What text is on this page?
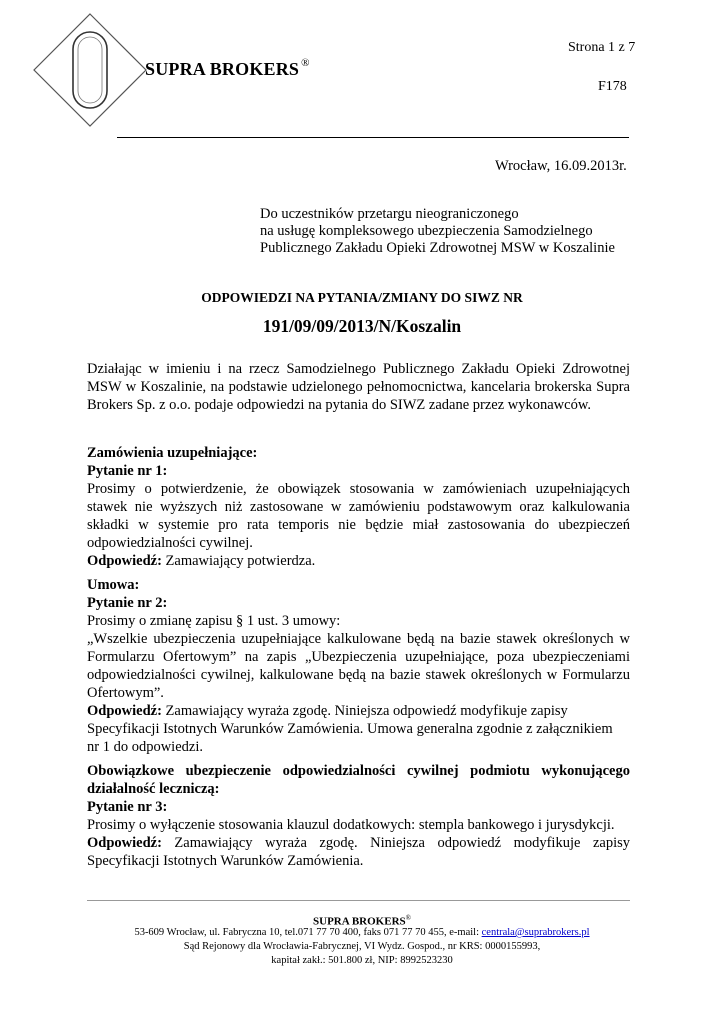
SUPRA BROKERS ®
Strona 1 z 7
F178
Wrocław, 16.09.2013r.
Do uczestników przetargu nieograniczonego
na usługę kompleksowego ubezpieczenia Samodzielnego
Publicznego Zakładu Opieki Zdrowotnej MSW w Koszalinie
ODPOWIEDZI NA PYTANIA/ZMIANY DO SIWZ NR
191/09/09/2013/N/Koszalin
Działając w imieniu i na rzecz Samodzielnego Publicznego Zakładu Opieki Zdrowotnej
MSW w Koszalinie, na podstawie udzielonego pełnomocnictwa, kancelaria brokerska Supra
Brokers Sp. z o.o. podaje odpowiedzi na pytania do SIWZ zadane przez wykonawców.
Zamówienia uzupełniające:
Pytanie nr 1:
Prosimy o potwierdzenie, że obowiązek stosowania w zamówieniach uzupełniających
stawek nie wyższych niż zastosowane w zamówieniu podstawowym oraz kalkulowania
składki w systemie pro rata temporis nie będzie miał zastosowania do ubezpieczeń
odpowiedzialności cywilnej.
Odpowiedź: Zamawiający potwierdza.
Umowa:
Pytanie nr 2:
Prosimy o zmianę zapisu § 1 ust. 3 umowy:
„Wszelkie ubezpieczenia uzupełniające kalkulowane będą na bazie stawek określonych w
Formularzu Ofertowym” na zapis „Ubezpieczenia uzupełniające, poza ubezpieczeniami
odpowiedzialności cywilnej, kalkulowane będą na bazie stawek określonych w Formularzu
Ofertowym”.
Odpowiedź: Zamawiający wyraża zgodę. Niniejsza odpowiedź modyfikuje zapisy
Specyfikacji Istotnych Warunków Zamówienia. Umowa generalna zgodnie z załącznikiem
nr 1 do odpowiedzi.
Obowiązkowe ubezpieczenie odpowiedzialności cywilnej podmiotu wykonującego
działalność leczniczą:
Pytanie nr 3:
Prosimy o wyłączenie stosowania klauzul dodatkowych: stempla bankowego i jurysdykcji.
Odpowiedź: Zamawiający wyraża zgodę. Niniejsza odpowiedź modyfikuje zapisy
Specyfikacji Istotnych Warunków Zamówienia.
SUPRA BROKERS®
53-609 Wrocław, ul. Fabryczna 10, tel.071 77 70 400, faks 071 77 70 455, e-mail: centrala@suprabrokers.pl
Sąd Rejonowy dla Wrocławia-Fabrycznej, VI Wydz. Gospod., nr KRS: 0000155993,
kapitał zakł.: 501.800 zł, NIP: 8992523230
